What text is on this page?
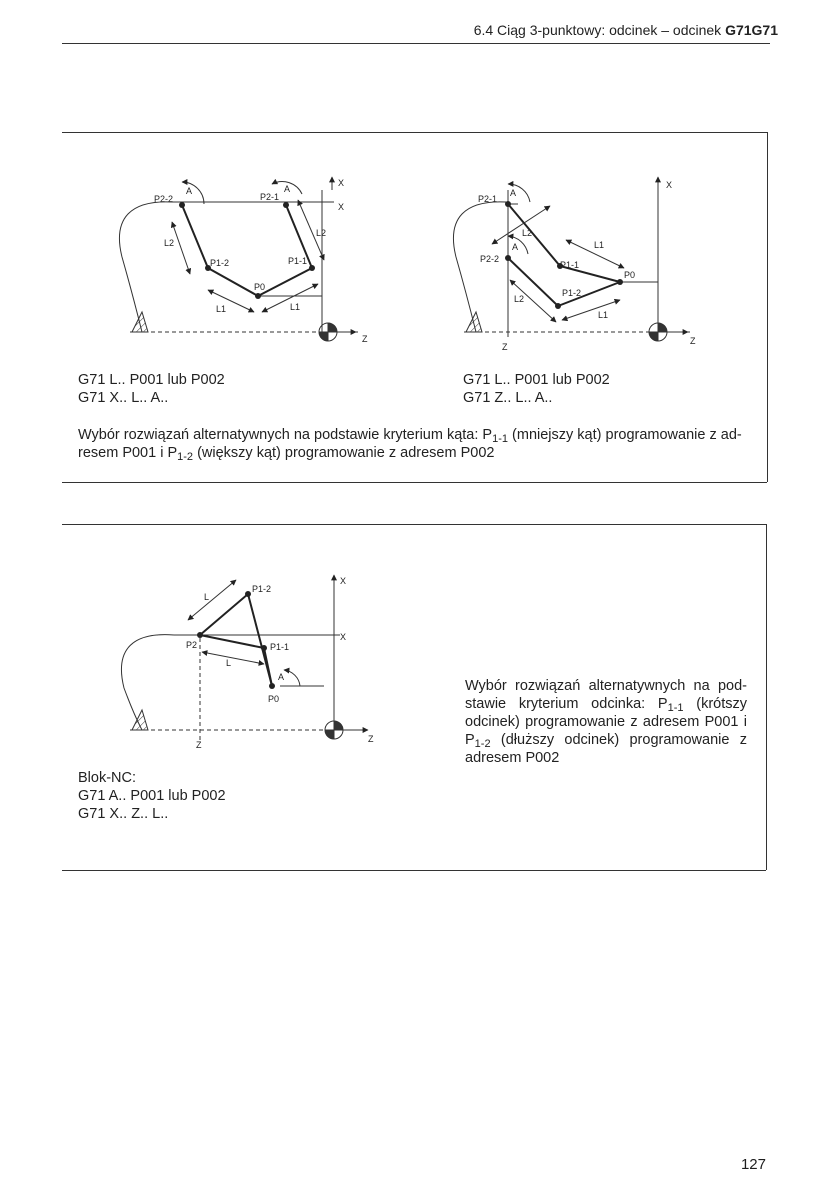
6.4 Ciąg 3-punktowy: odcinek – odcinek G71G71
P2-2
A
P2-1
A
L2
L2
P1-2	P1-1
P0
L1	L1
X
X
Z
P2-1
A
L2
A
P2-2
L1
P1-1
P0
P1-2
L2
L1
X
Z
Z
G71 L.. P001 lub P002
G71 X.. L.. A..
G71 L.. P001 lub P002
G71 Z.. L.. A..
Wybór rozwiązań alternatywnych na podstawie kryterium kąta: $P_{1-1}$ (mniejszy kąt) programowanie z ad-
resem P001 i $P_{1-2}$ (większy kąt) programowanie z adresem P002
P1-2
L
P2	P1-1
L
A
P0
X
X
Z
Z
Blok-NC:
G71 A.. P001 lub P002
G71 X.. Z.. L..
Wybór rozwiązań alternatywnych na podstawie kryterium odcinka: $P_{1-1}$ (krótszy odcinek) programowanie z adresem P001 i $P_{1-2}$ (dłuższy odcinek) programowanie z adresem P002
127
